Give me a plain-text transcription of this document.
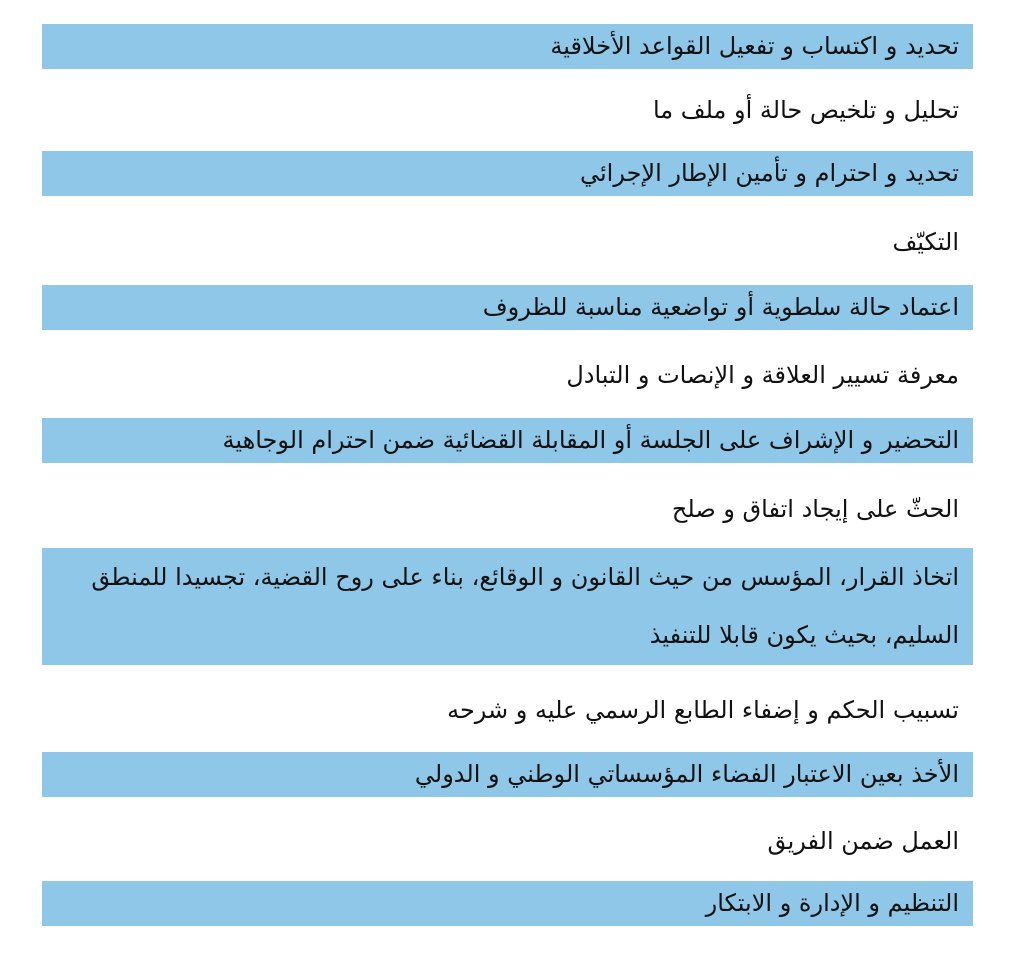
تحديد و اكتساب و تفعيل القواعد الأخلاقية
تحليل و تلخيص حالة أو ملف ما
تحديد و احترام و تأمين الإطار الإجرائي
التكيّف
اعتماد حالة سلطوية أو تواضعية مناسبة للظروف
معرفة تسيير العلاقة و الإنصات و التبادل
التحضير و الإشراف على الجلسة أو المقابلة القضائية ضمن احترام الوجاهية
الحثّ على إيجاد اتفاق و صلح
اتخاذ القرار، المؤسس من حيث القانون و الوقائع، بناء على روح القضية، تجسيدا للمنطق السليم، بحيث يكون قابلا للتنفيذ
تسبيب الحكم و إضفاء الطابع الرسمي عليه و شرحه
الأخذ بعين الاعتبار الفضاء المؤسساتي الوطني و الدولي
العمل ضمن الفريق
التنظيم و الإدارة و الابتكار
